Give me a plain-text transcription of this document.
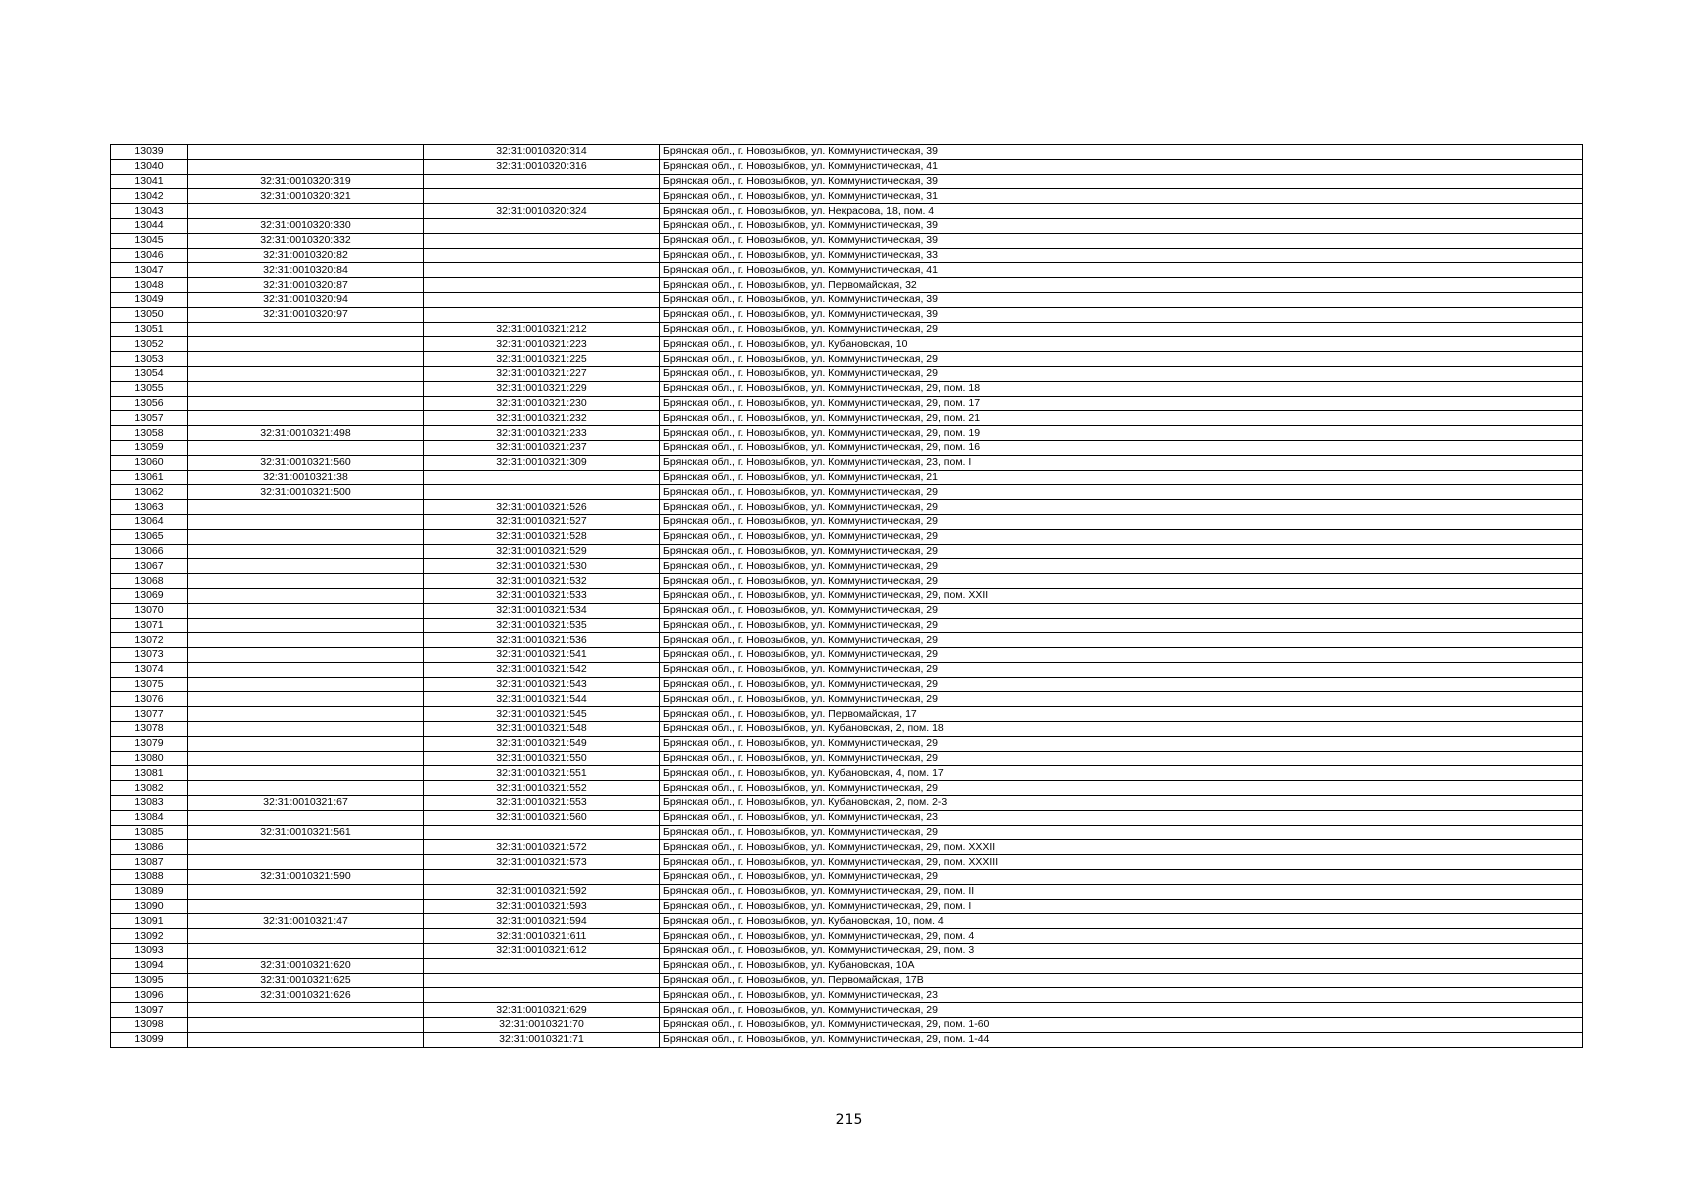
13039		32:31:0010320:314	Брянская обл., г. Новозыбков, ул. Коммунистическая, 39
13040		32:31:0010320:316	Брянская обл., г. Новозыбков, ул. Коммунистическая, 41
13041	32:31:0010320:319		Брянская обл., г. Новозыбков, ул. Коммунистическая, 39
13042	32:31:0010320:321		Брянская обл., г. Новозыбков, ул. Коммунистическая, 31
13043		32:31:0010320:324	Брянская обл., г. Новозыбков, ул. Некрасова, 18, пом. 4
13044	32:31:0010320:330		Брянская обл., г. Новозыбков, ул. Коммунистическая, 39
13045	32:31:0010320:332		Брянская обл., г. Новозыбков, ул. Коммунистическая, 39
13046	32:31:0010320:82		Брянская обл., г. Новозыбков, ул. Коммунистическая, 33
13047	32:31:0010320:84		Брянская обл., г. Новозыбков, ул. Коммунистическая, 41
13048	32:31:0010320:87		Брянская обл., г. Новозыбков, ул. Первомайская, 32
13049	32:31:0010320:94		Брянская обл., г. Новозыбков, ул. Коммунистическая, 39
13050	32:31:0010320:97		Брянская обл., г. Новозыбков, ул. Коммунистическая, 39
13051		32:31:0010321:212	Брянская обл., г. Новозыбков, ул. Коммунистическая, 29
13052		32:31:0010321:223	Брянская обл., г. Новозыбков, ул. Кубановская, 10
13053		32:31:0010321:225	Брянская обл., г. Новозыбков, ул. Коммунистическая, 29
13054		32:31:0010321:227	Брянская обл., г. Новозыбков, ул. Коммунистическая, 29
13055		32:31:0010321:229	Брянская обл., г. Новозыбков, ул. Коммунистическая, 29, пом. 18
13056		32:31:0010321:230	Брянская обл., г. Новозыбков, ул. Коммунистическая, 29, пом. 17
13057		32:31:0010321:232	Брянская обл., г. Новозыбков, ул. Коммунистическая, 29, пом. 21
13058	32:31:0010321:498	32:31:0010321:233	Брянская обл., г. Новозыбков, ул. Коммунистическая, 29, пом. 19
13059		32:31:0010321:237	Брянская обл., г. Новозыбков, ул. Коммунистическая, 29, пом. 16
13060	32:31:0010321:560	32:31:0010321:309	Брянская обл., г. Новозыбков, ул. Коммунистическая, 23, пом. I
13061	32:31:0010321:38		Брянская обл., г. Новозыбков, ул. Коммунистическая, 21
13062	32:31:0010321:500		Брянская обл., г. Новозыбков, ул. Коммунистическая, 29
13063		32:31:0010321:526	Брянская обл., г. Новозыбков, ул. Коммунистическая, 29
13064		32:31:0010321:527	Брянская обл., г. Новозыбков, ул. Коммунистическая, 29
13065		32:31:0010321:528	Брянская обл., г. Новозыбков, ул. Коммунистическая, 29
13066		32:31:0010321:529	Брянская обл., г. Новозыбков, ул. Коммунистическая, 29
13067		32:31:0010321:530	Брянская обл., г. Новозыбков, ул. Коммунистическая, 29
13068		32:31:0010321:532	Брянская обл., г. Новозыбков, ул. Коммунистическая, 29
13069		32:31:0010321:533	Брянская обл., г. Новозыбков, ул. Коммунистическая, 29, пом. XXII
13070		32:31:0010321:534	Брянская обл., г. Новозыбков, ул. Коммунистическая, 29
13071		32:31:0010321:535	Брянская обл., г. Новозыбков, ул. Коммунистическая, 29
13072		32:31:0010321:536	Брянская обл., г. Новозыбков, ул. Коммунистическая, 29
13073		32:31:0010321:541	Брянская обл., г. Новозыбков, ул. Коммунистическая, 29
13074		32:31:0010321:542	Брянская обл., г. Новозыбков, ул. Коммунистическая, 29
13075		32:31:0010321:543	Брянская обл., г. Новозыбков, ул. Коммунистическая, 29
13076		32:31:0010321:544	Брянская обл., г. Новозыбков, ул. Коммунистическая, 29
13077		32:31:0010321:545	Брянская обл., г. Новозыбков, ул. Первомайская, 17
13078		32:31:0010321:548	Брянская обл., г. Новозыбков, ул. Кубановская, 2, пом. 18
13079		32:31:0010321:549	Брянская обл., г. Новозыбков, ул. Коммунистическая, 29
13080		32:31:0010321:550	Брянская обл., г. Новозыбков, ул. Коммунистическая, 29
13081		32:31:0010321:551	Брянская обл., г. Новозыбков, ул. Кубановская, 4, пом. 17
13082		32:31:0010321:552	Брянская обл., г. Новозыбков, ул. Коммунистическая, 29
13083	32:31:0010321:67	32:31:0010321:553	Брянская обл., г. Новозыбков, ул. Кубановская, 2, пом. 2-3
13084		32:31:0010321:560	Брянская обл., г. Новозыбков, ул. Коммунистическая, 23
13085	32:31:0010321:561		Брянская обл., г. Новозыбков, ул. Коммунистическая, 29
13086		32:31:0010321:572	Брянская обл., г. Новозыбков, ул. Коммунистическая, 29, пом. XXXII
13087		32:31:0010321:573	Брянская обл., г. Новозыбков, ул. Коммунистическая, 29, пом. XXXIII
13088	32:31:0010321:590		Брянская обл., г. Новозыбков, ул. Коммунистическая, 29
13089		32:31:0010321:592	Брянская обл., г. Новозыбков, ул. Коммунистическая, 29, пом. II
13090		32:31:0010321:593	Брянская обл., г. Новозыбков, ул. Коммунистическая, 29, пом. I
13091	32:31:0010321:47	32:31:0010321:594	Брянская обл., г. Новозыбков, ул. Кубановская, 10, пом. 4
13092		32:31:0010321:611	Брянская обл., г. Новозыбков, ул. Коммунистическая, 29, пом. 4
13093		32:31:0010321:612	Брянская обл., г. Новозыбков, ул. Коммунистическая, 29, пом. 3
13094	32:31:0010321:620		Брянская обл., г. Новозыбков, ул. Кубановская, 10А
13095	32:31:0010321:625		Брянская обл., г. Новозыбков, ул. Первомайская, 17В
13096	32:31:0010321:626		Брянская обл., г. Новозыбков, ул. Коммунистическая, 23
13097		32:31:0010321:629	Брянская обл., г. Новозыбков, ул. Коммунистическая, 29
13098		32:31:0010321:70	Брянская обл., г. Новозыбков, ул. Коммунистическая, 29, пом. 1-60
13099		32:31:0010321:71	Брянская обл., г. Новозыбков, ул. Коммунистическая, 29, пом. 1-44
215
